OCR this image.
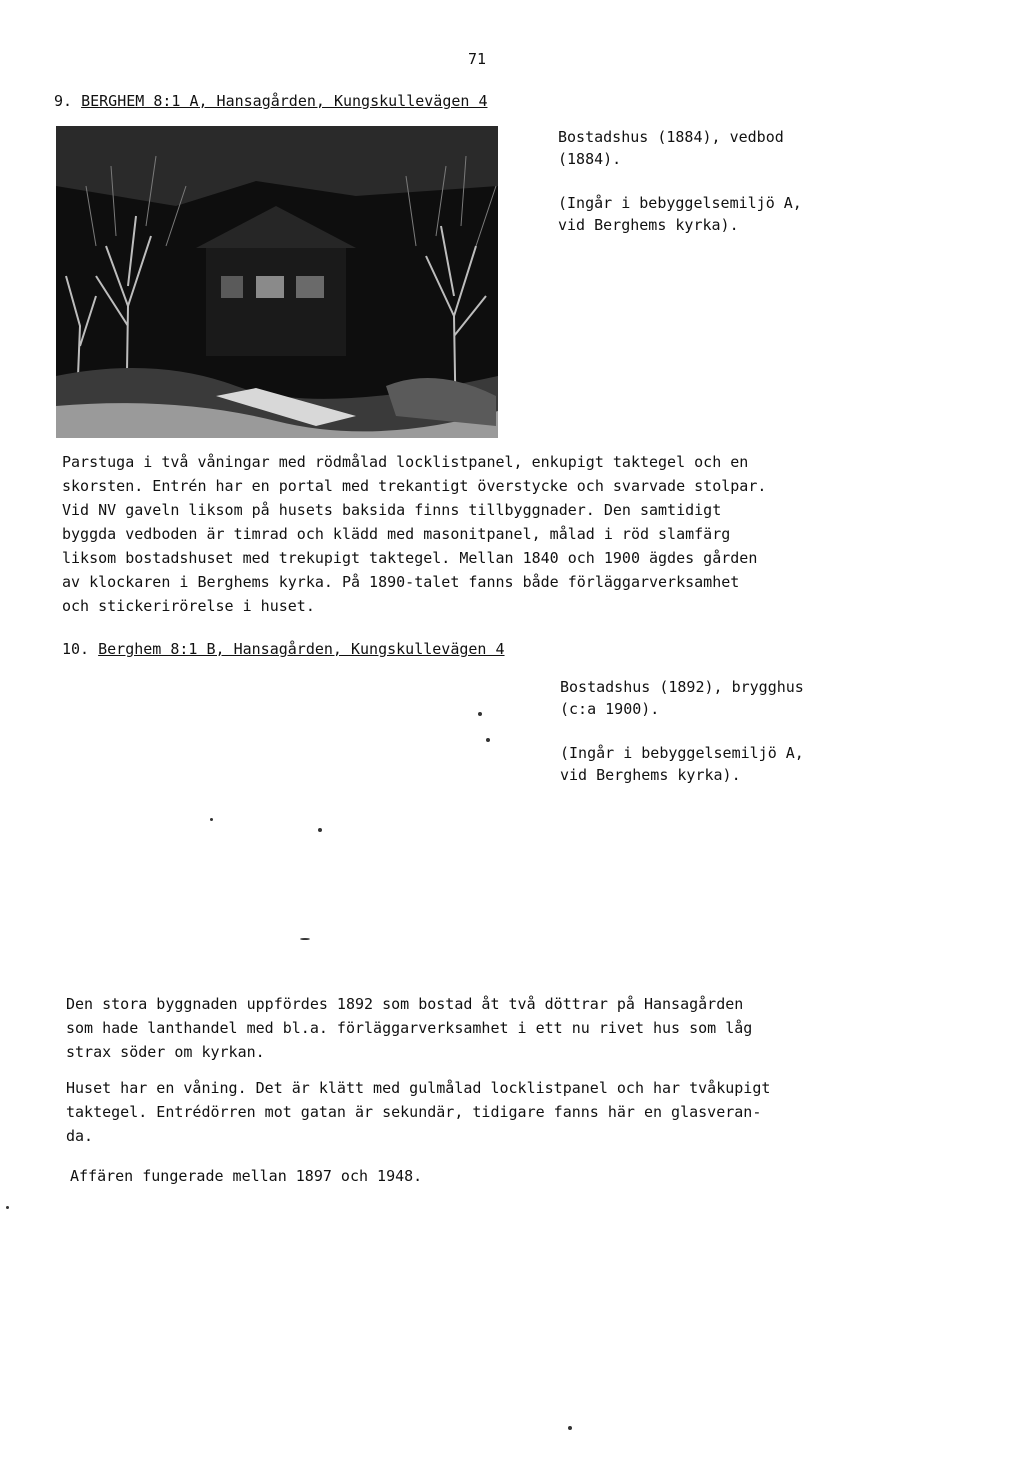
71
9. BERGHEM 8:1 A, Hansagården, Kungskullevägen 4
Bostadshus (1884), vedbod
(1884).
(Ingår i bebyggelsemiljö A,
vid Berghems kyrka).
Parstuga i två våningar med rödmålad locklistpanel, enkupigt taktegel och en
skorsten. Entrén har en portal med trekantigt överstycke och svarvade stolpar.
Vid NV gaveln liksom på husets baksida finns tillbyggnader. Den samtidigt
byggda vedboden är timrad och klädd med masonitpanel, målad i röd slamfärg
liksom bostadshuset med trekupigt taktegel. Mellan 1840 och 1900 ägdes gården
av klockaren i Berghems kyrka. På 1890-talet fanns både förläggarverksamhet
och stickerirörelse i huset.
10. Berghem 8:1 B, Hansagården, Kungskullevägen 4
Bostadshus (1892), brygghus
(c:a 1900).
(Ingår i bebyggelsemiljö A,
vid Berghems kyrka).
Den stora byggnaden uppfördes 1892 som bostad åt två döttrar på Hansagården
som hade lanthandel med bl.a. förläggarverksamhet i ett nu rivet hus som låg
strax söder om kyrkan.
Huset har en våning. Det är klätt med gulmålad locklistpanel och har tvåkupigt
taktegel. Entrédörren mot gatan är sekundär, tidigare fanns här en glasveran-
da.
Affären fungerade mellan 1897 och 1948.
